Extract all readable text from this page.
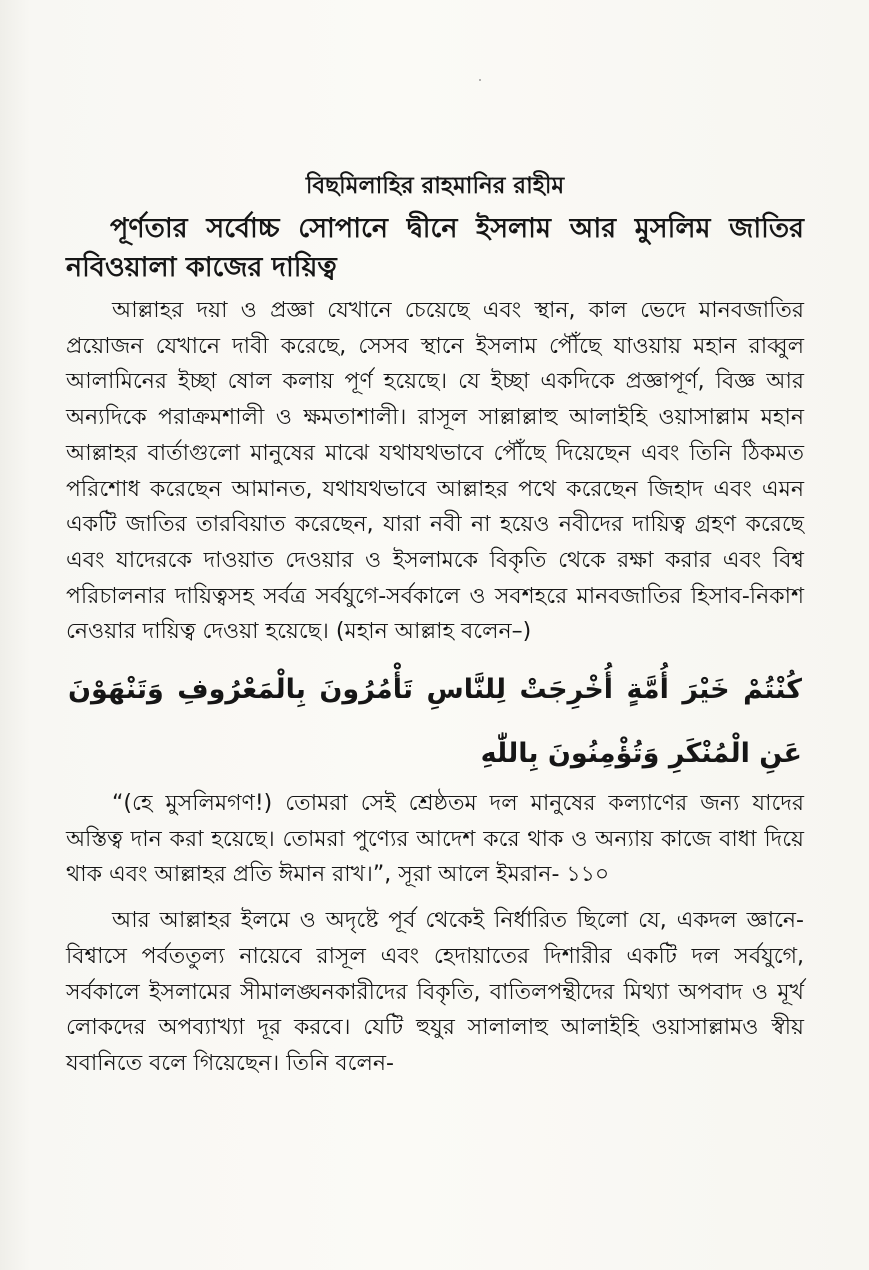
বিছমিলাহির রাহমানির রাহীম

পূর্ণতার সর্বোচ্চ সোপানে দ্বীনে ইসলাম আর মুসলিম জাতির নবিওয়ালা কাজের দায়িত্ব

আল্লাহর দয়া ও প্রজ্ঞা যেখানে চেয়েছে এবং স্থান, কাল ভেদে মানবজাতির প্রয়োজন যেখানে দাবী করেছে, সেসব স্থানে ইসলাম পৌঁছে যাওয়ায় মহান রাব্বুল আলামিনের ইচ্ছা ষোল কলায় পূর্ণ হয়েছে। যে ইচ্ছা একদিকে প্রজ্ঞাপূর্ণ, বিজ্ঞ আর অন্যদিকে পরাক্রমশালী ও ক্ষমতাশালী। রাসূল সাল্লাল্লাহু আলাইহি ওয়াসাল্লাম মহান আল্লাহর বার্তাগুলো মানুষের মাঝে যথাযথভাবে পৌঁছে দিয়েছেন এবং তিনি ঠিকমত পরিশোধ করেছেন আমানত, যথাযথভাবে আল্লাহর পথে করেছেন জিহাদ এবং এমন একটি জাতির তারবিয়াত করেছেন, যারা নবী না হয়েও নবীদের দায়িত্ব গ্রহণ করেছে এবং যাদেরকে দাওয়াত দেওয়ার ও ইসলামকে বিকৃতি থেকে রক্ষা করার এবং বিশ্ব পরিচালনার দায়িত্বসহ সর্বত্র সর্বযুগে-সর্বকালে ও সবশহরে মানবজাতির হিসাব-নিকাশ নেওয়ার দায়িত্ব দেওয়া হয়েছে। (মহান আল্লাহ বলেন–)

كُنْتُمْ خَيْرَ أُمَّةٍ أُخْرِجَتْ لِلنَّاسِ تَأْمُرُونَ بِالْمَعْرُوفِ وَتَنْهَوْنَ عَنِ الْمُنْكَرِ وَتُؤْمِنُونَ بِاللّٰهِ

“(হে মুসলিমগণ!) তোমরা সেই শ্রেষ্ঠতম দল মানুষের কল্যাণের জন্য যাদের অস্তিত্ব দান করা হয়েছে। তোমরা পুণ্যের আদেশ করে থাক ও অন্যায় কাজে বাধা দিয়ে থাক এবং আল্লাহর প্রতি ঈমান রাখ।”, সূরা আলে ইমরান- ১১০

আর আল্লাহর ইলমে ও অদৃষ্টে পূর্ব থেকেই নির্ধারিত ছিলো যে, একদল জ্ঞানে-বিশ্বাসে পর্বততুল্য নায়েবে রাসূল এবং হেদায়াতের দিশারীর একটি দল সর্বযুগে, সর্বকালে ইসলামের সীমালঙ্ঘনকারীদের বিকৃতি, বাতিলপন্থীদের মিথ্যা অপবাদ ও মূর্খ লোকদের অপব্যাখ্যা দূর করবে। যেটি হুযুর সালালাহু আলাইহি ওয়াসাল্লামও স্বীয় যবানিতে বলে গিয়েছেন। তিনি বলেন-
